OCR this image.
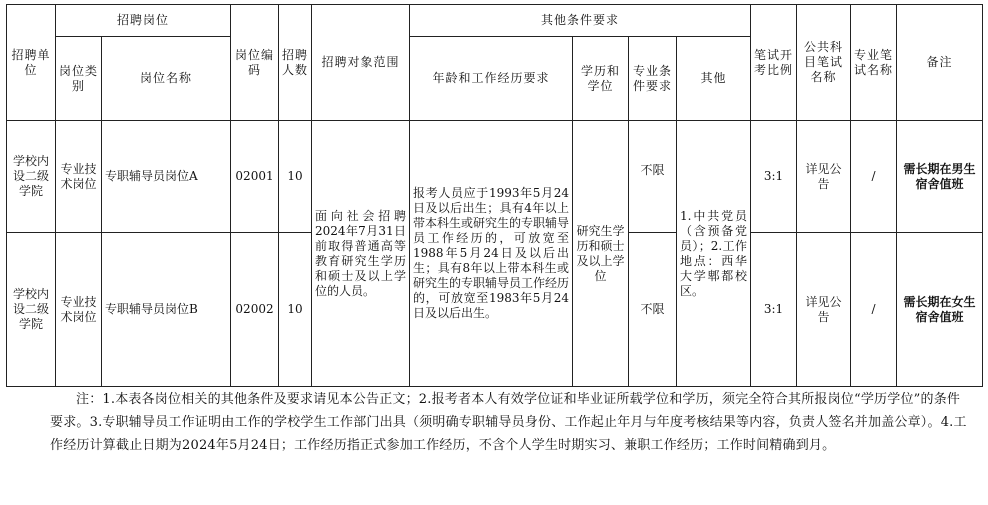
招聘单位	招聘岗位		岗位编码	招聘人数	招聘对象范围	其他条件要求				笔试开考比例	公共科目笔试名称	专业笔试名称	备注
	岗位类别	岗位名称				年龄和工作经历要求	学历和学位	专业条件要求	其他				
学校内设二级学院	专业技术岗位	专职辅导员岗位A	02001	10	面向社会招聘2024年7月31日前取得普通高等教育研究生学历和硕士及以上学位的人员。	报考人员应于1993年5月24日及以后出生；具有4年以上带本科生或研究生的专职辅导员工作经历的，可放宽至1988年5月24日及以后出生；具有8年以上带本科生或研究生的专职辅导员工作经历的，可放宽至1983年5月24日及以后出生。	研究生学历和硕士及以上学位	不限	1.中共党员（含预备党员）；2.工作地点：西华大学郫都校区。	3:1	详见公告	/	需长期在男生宿舍值班
学校内设二级学院	专业技术岗位	专职辅导员岗位B	02002	10				不限		3:1	详见公告	/	需长期在女生宿舍值班
注：1.本表各岗位相关的其他条件及要求请见本公告正文；2.报考者本人有效学位证和毕业证所载学位和学历，须完全符合其所报岗位“学历学位”的条件要求。3.专职辅导员工作证明由工作的学校学生工作部门出具（须明确专职辅导员身份、工作起止年月与年度考核结果等内容，负责人签名并加盖公章）。4.工作经历计算截止日期为2024年5月24日；工作经历指正式参加工作经历，不含个人学生时期实习、兼职工作经历；工作时间精确到月。
